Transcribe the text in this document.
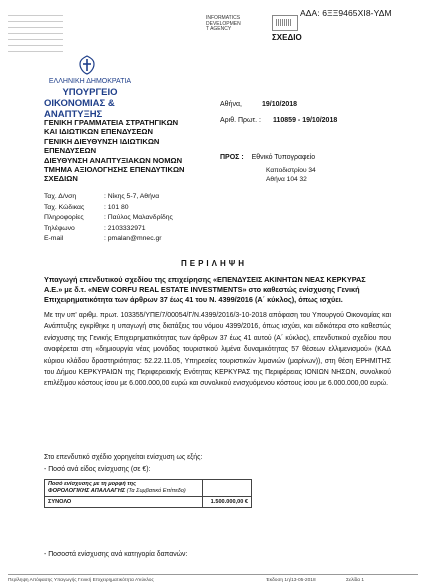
ΑΔΑ: 6ΞΞ9465ΧΙ8-ΥΔΜ
INFORMATICS
DEVELOPMEN
T AGENCY
ΣΧΕΔΙΟ
ΕΛΛΗΝΙΚΗ ΔΗΜΟΚΡΑΤΙΑ
ΥΠΟΥΡΓΕΙΟ
ΟΙΚΟΝΟΜΙΑΣ & ΑΝΑΠΤΥΞΗΣ
ΓΕΝΙΚΗ ΓΡΑΜΜΑΤΕΙΑ ΣΤΡΑΤΗΓΙΚΩΝ
ΚΑΙ ΙΔΙΩΤΙΚΩΝ ΕΠΕΝΔΥΣΕΩΝ
ΓΕΝΙΚΗ ΔΙΕΥΘΥΝΣΗ ΙΔΙΩΤΙΚΩΝ
ΕΠΕΝΔΥΣΕΩΝ
ΔΙΕΥΘΥΝΣΗ ΑΝΑΠΤΥΞΙΑΚΩΝ ΝΟΜΩΝ
ΤΜΗΜΑ ΑΞΙΟΛΟΓΗΣΗΣ ΕΠΕΝΔΥΤΙΚΩΝ
ΣΧΕΔΙΩΝ
Αθήνα,	19/10/2018
Αριθ. Πρωτ. : 110859 - 19/10/2018
ΠΡΟΣ : Εθνικό Τυπογραφείο
Καποδιστρίου 34
Αθήνα 104 32
Ταχ. Δ/νση	: Νίκης 5-7, Αθήνα
Ταχ. Κώδικας	: 101 80
Πληροφορίες	: Παύλος Μαλανδρίδης
Τηλέφωνο	: 2103332971
E-mail	: pmalan@mnec.gr
ΠΕΡΙΛΗΨΗ
Υπαγωγή επενδυτικού σχεδίου της επιχείρησης «ΕΠΕΝΔΥΣΕΙΣ ΑΚΙΝΗΤΩΝ ΝΕΑΣ ΚΕΡΚΥΡΑΣ Α.Ε.» με δ.τ. «NEW CORFU REAL ESTATE INVESTMENTS» στο καθεστώς ενίσχυσης Γενική Επιχειρηματικότητα των άρθρων 37 έως 41 του Ν. 4399/2016 (Α΄ κύκλος), όπως ισχύει.
Με την υπ' αριθμ. πρωτ. 103355/ΥΠΕ/7/00054/Γ/Ν.4399/2016/3-10-2018 απόφαση του Υπουργού Οικονομίας και Ανάπτυξης εγκρίθηκε η υπαγωγή στις διατάξεις του νόμου 4399/2016, όπως ισχύει, και ειδικότερα στο καθεστώς ενίσχυσης της Γενικής Επιχειρηματικότητας των άρθρων 37 έως 41 αυτού (Α΄ κύκλος), επενδυτικού σχεδίου που αναφέρεται στη «δημιουργία νέας μονάδας τουριστικού λιμένα δυναμικότητας 57 θέσεων ελλιμενισμού» (ΚΑΔ κύριου κλάδου δραστηριότητας: 52.22.11.05, Υπηρεσίες τουριστικών λιμανιών (μαρίνων)), στη θέση ΕΡΗΜΙΤΗΣ του Δήμου ΚΕΡΚΥΡΑΙΩΝ της Περιφερειακής Ενότητας ΚΕΡΚΥΡΑΣ της Περιφέρειας ΙΟΝΙΩΝ ΝΗΣΩΝ, συνολικού επιλέξιμου κόστους ίσου με 6.000.000,00 ευρώ και συνολικού ενισχυόμενου κόστους ίσου με 6.000.000,00 ευρώ.
Στο επενδυτικό σχέδιο χορηγείται ενίσχυση ως εξής:
- Ποσό ανά είδος ενίσχυσης (σε €):
Ποσό ενίσχυσης με τη μορφή της
ΦΟΡΟΛΟΓΙΚΗΣ ΑΠΑΛΛΑΓΗΣ (Τα Συμβατικό Επίπεδο)	

ΣΥΝΟΛΟ	1.500.000,00 €
- Ποσοστά ενίσχυσης ανά κατηγορία δαπανών:
Περίληψη Απόφασης Υπαγωγής Γενική Επιχειρηματικότητα Α'κύκλος	Έκδοση 1η/13-05-2018	Σελίδα 1
